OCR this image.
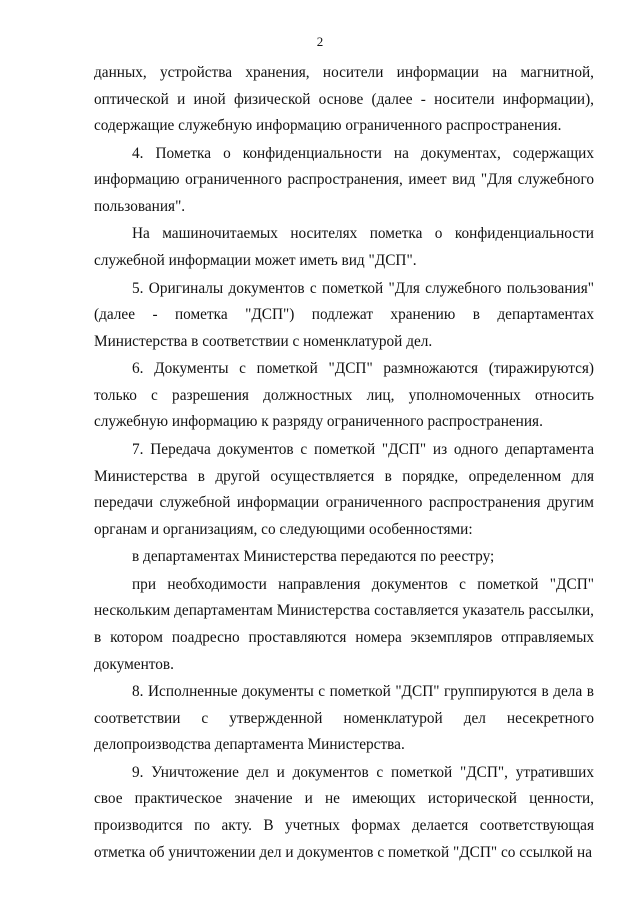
2

данных, устройства хранения, носители информации на магнитной, оптической и иной физической основе (далее - носители информации), содержащие служебную информацию ограниченного распространения.

4. Пометка о конфиденциальности на документах, содержащих информацию ограниченного распространения, имеет вид "Для служебного пользования".

На машиночитаемых носителях пометка о конфиденциальности служебной информации может иметь вид "ДСП".

5. Оригиналы документов с пометкой "Для служебного пользования" (далее - пометка "ДСП") подлежат хранению в департаментах Министерства в соответствии с номенклатурой дел.

6. Документы с пометкой "ДСП" размножаются (тиражируются) только с разрешения должностных лиц, уполномоченных относить служебную информацию к разряду ограниченного распространения.

7. Передача документов с пометкой "ДСП" из одного департамента Министерства в другой осуществляется в порядке, определенном для передачи служебной информации ограниченного распространения другим органам и организациям, со следующими особенностями:

в департаментах Министерства передаются по реестру;

при необходимости направления документов с пометкой "ДСП" нескольким департаментам Министерства составляется указатель рассылки, в котором поадресно проставляются номера экземпляров отправляемых документов.

8. Исполненные документы с пометкой "ДСП" группируются в дела в соответствии с утвержденной номенклатурой дел несекретного делопроизводства департамента Министерства.

9. Уничтожение дел и документов с пометкой "ДСП", утративших свое практическое значение и не имеющих исторической ценности, производится по акту. В учетных формах делается соответствующая отметка об уничтожении дел и документов с пометкой "ДСП" со ссылкой на
